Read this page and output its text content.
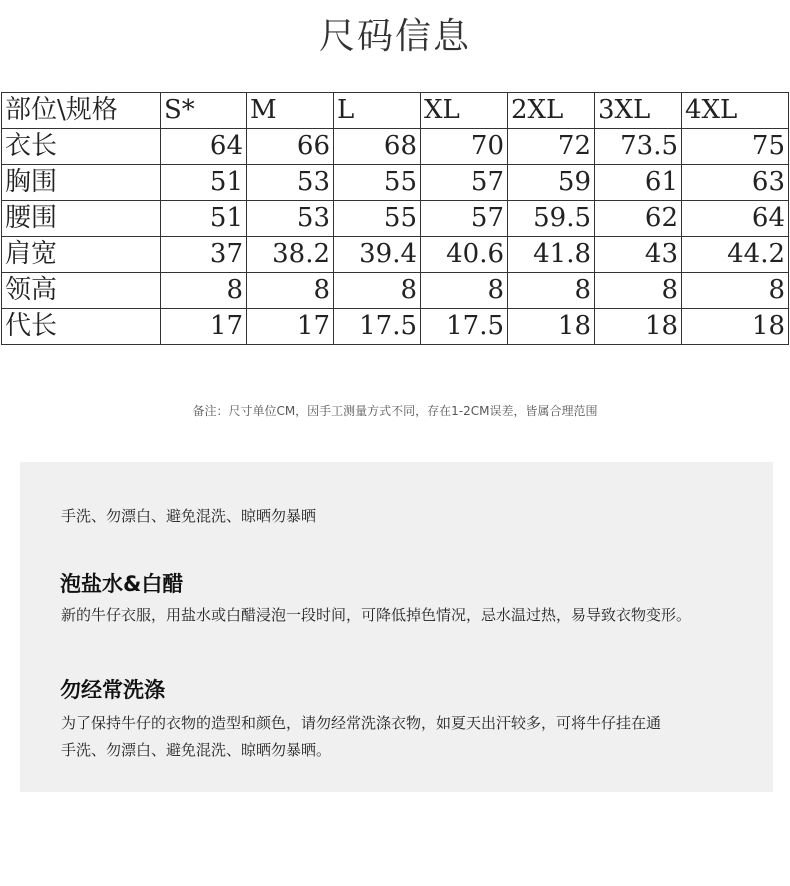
尺码信息
部位\规格	S*	M	L	XL	2XL	3XL	4XL
衣长	64	66	68	70	72	73.5	75
胸围	51	53	55	57	59	61	63
腰围	51	53	55	57	59.5	62	64
肩宽	37	38.2	39.4	40.6	41.8	43	44.2
领高	8	8	8	8	8	8	8
代长	17	17	17.5	17.5	18	18	18
备注：尺寸单位CM，因手工测量方式不同，存在1-2CM误差，皆属合理范围
手洗、勿漂白、避免混洗、晾晒勿暴晒
泡盐水&白醋
新的牛仔衣服，用盐水或白醋浸泡一段时间，可降低掉色情况，忌水温过热，易导致衣物变形。
勿经常洗涤
为了保持牛仔的衣物的造型和颜色，请勿经常洗涤衣物，如夏天出汗较多，可将牛仔挂在通
手洗、勿漂白、避免混洗、晾晒勿暴晒。
